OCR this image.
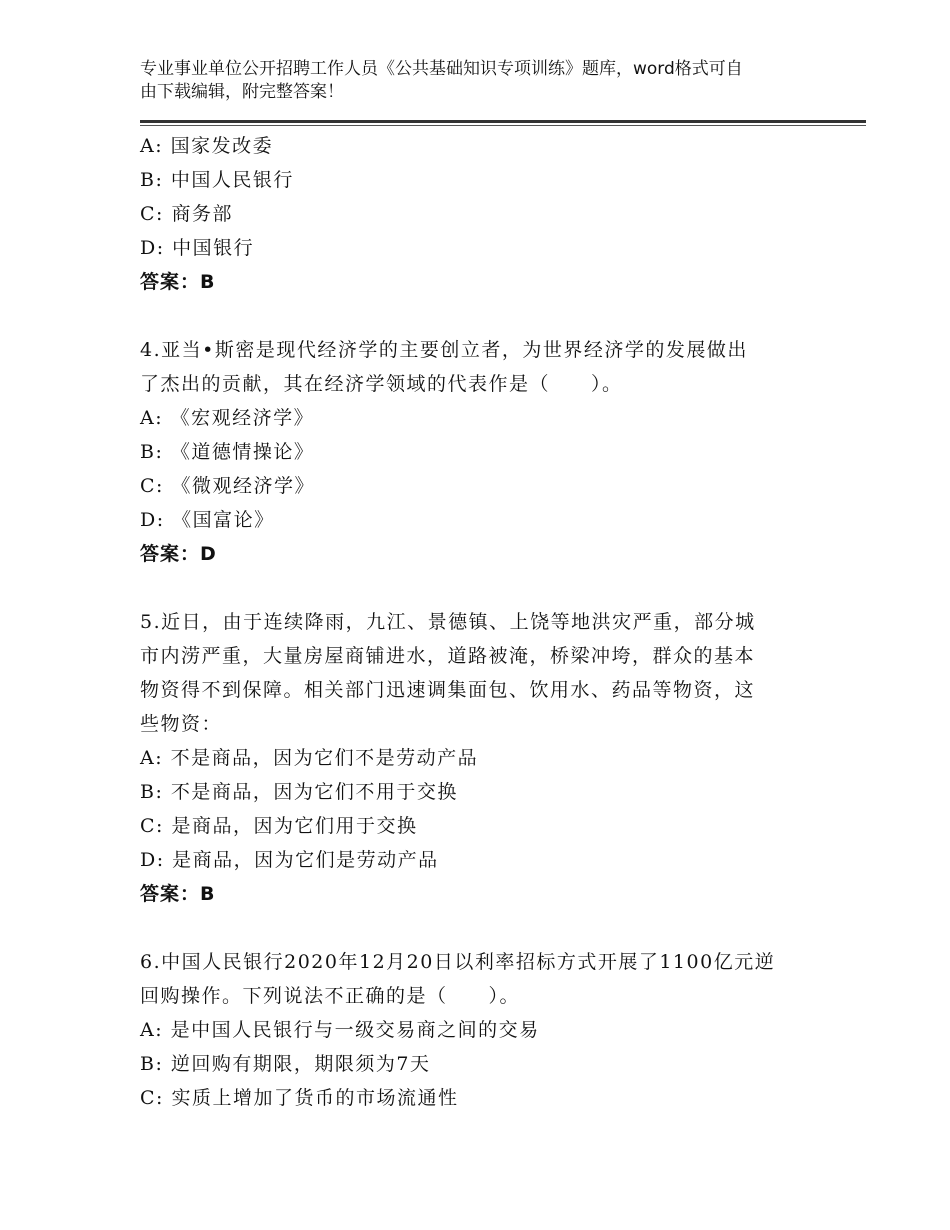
专业事业单位公开招聘工作人员《公共基础知识专项训练》题库，word格式可自
由下载编辑，附完整答案！
A: 国家发改委
B: 中国人民银行
C: 商务部
D: 中国银行
答案：B
4.亚当•斯密是现代经济学的主要创立者，为世界经济学的发展做出
了杰出的贡献，其在经济学领域的代表作是（　　）。
A: 《宏观经济学》
B: 《道德情操论》
C: 《微观经济学》
D: 《国富论》
答案：D
5.近日，由于连续降雨，九江、景德镇、上饶等地洪灾严重，部分城
市内涝严重，大量房屋商铺进水，道路被淹，桥梁冲垮，群众的基本
物资得不到保障。相关部门迅速调集面包、饮用水、药品等物资，这
些物资：
A: 不是商品，因为它们不是劳动产品
B: 不是商品，因为它们不用于交换
C: 是商品，因为它们用于交换
D: 是商品，因为它们是劳动产品
答案：B
6.中国人民银行2020年12月20日以利率招标方式开展了1100亿元逆
回购操作。下列说法不正确的是（　　）。
A: 是中国人民银行与一级交易商之间的交易
B: 逆回购有期限，期限须为7天
C: 实质上增加了货币的市场流通性
